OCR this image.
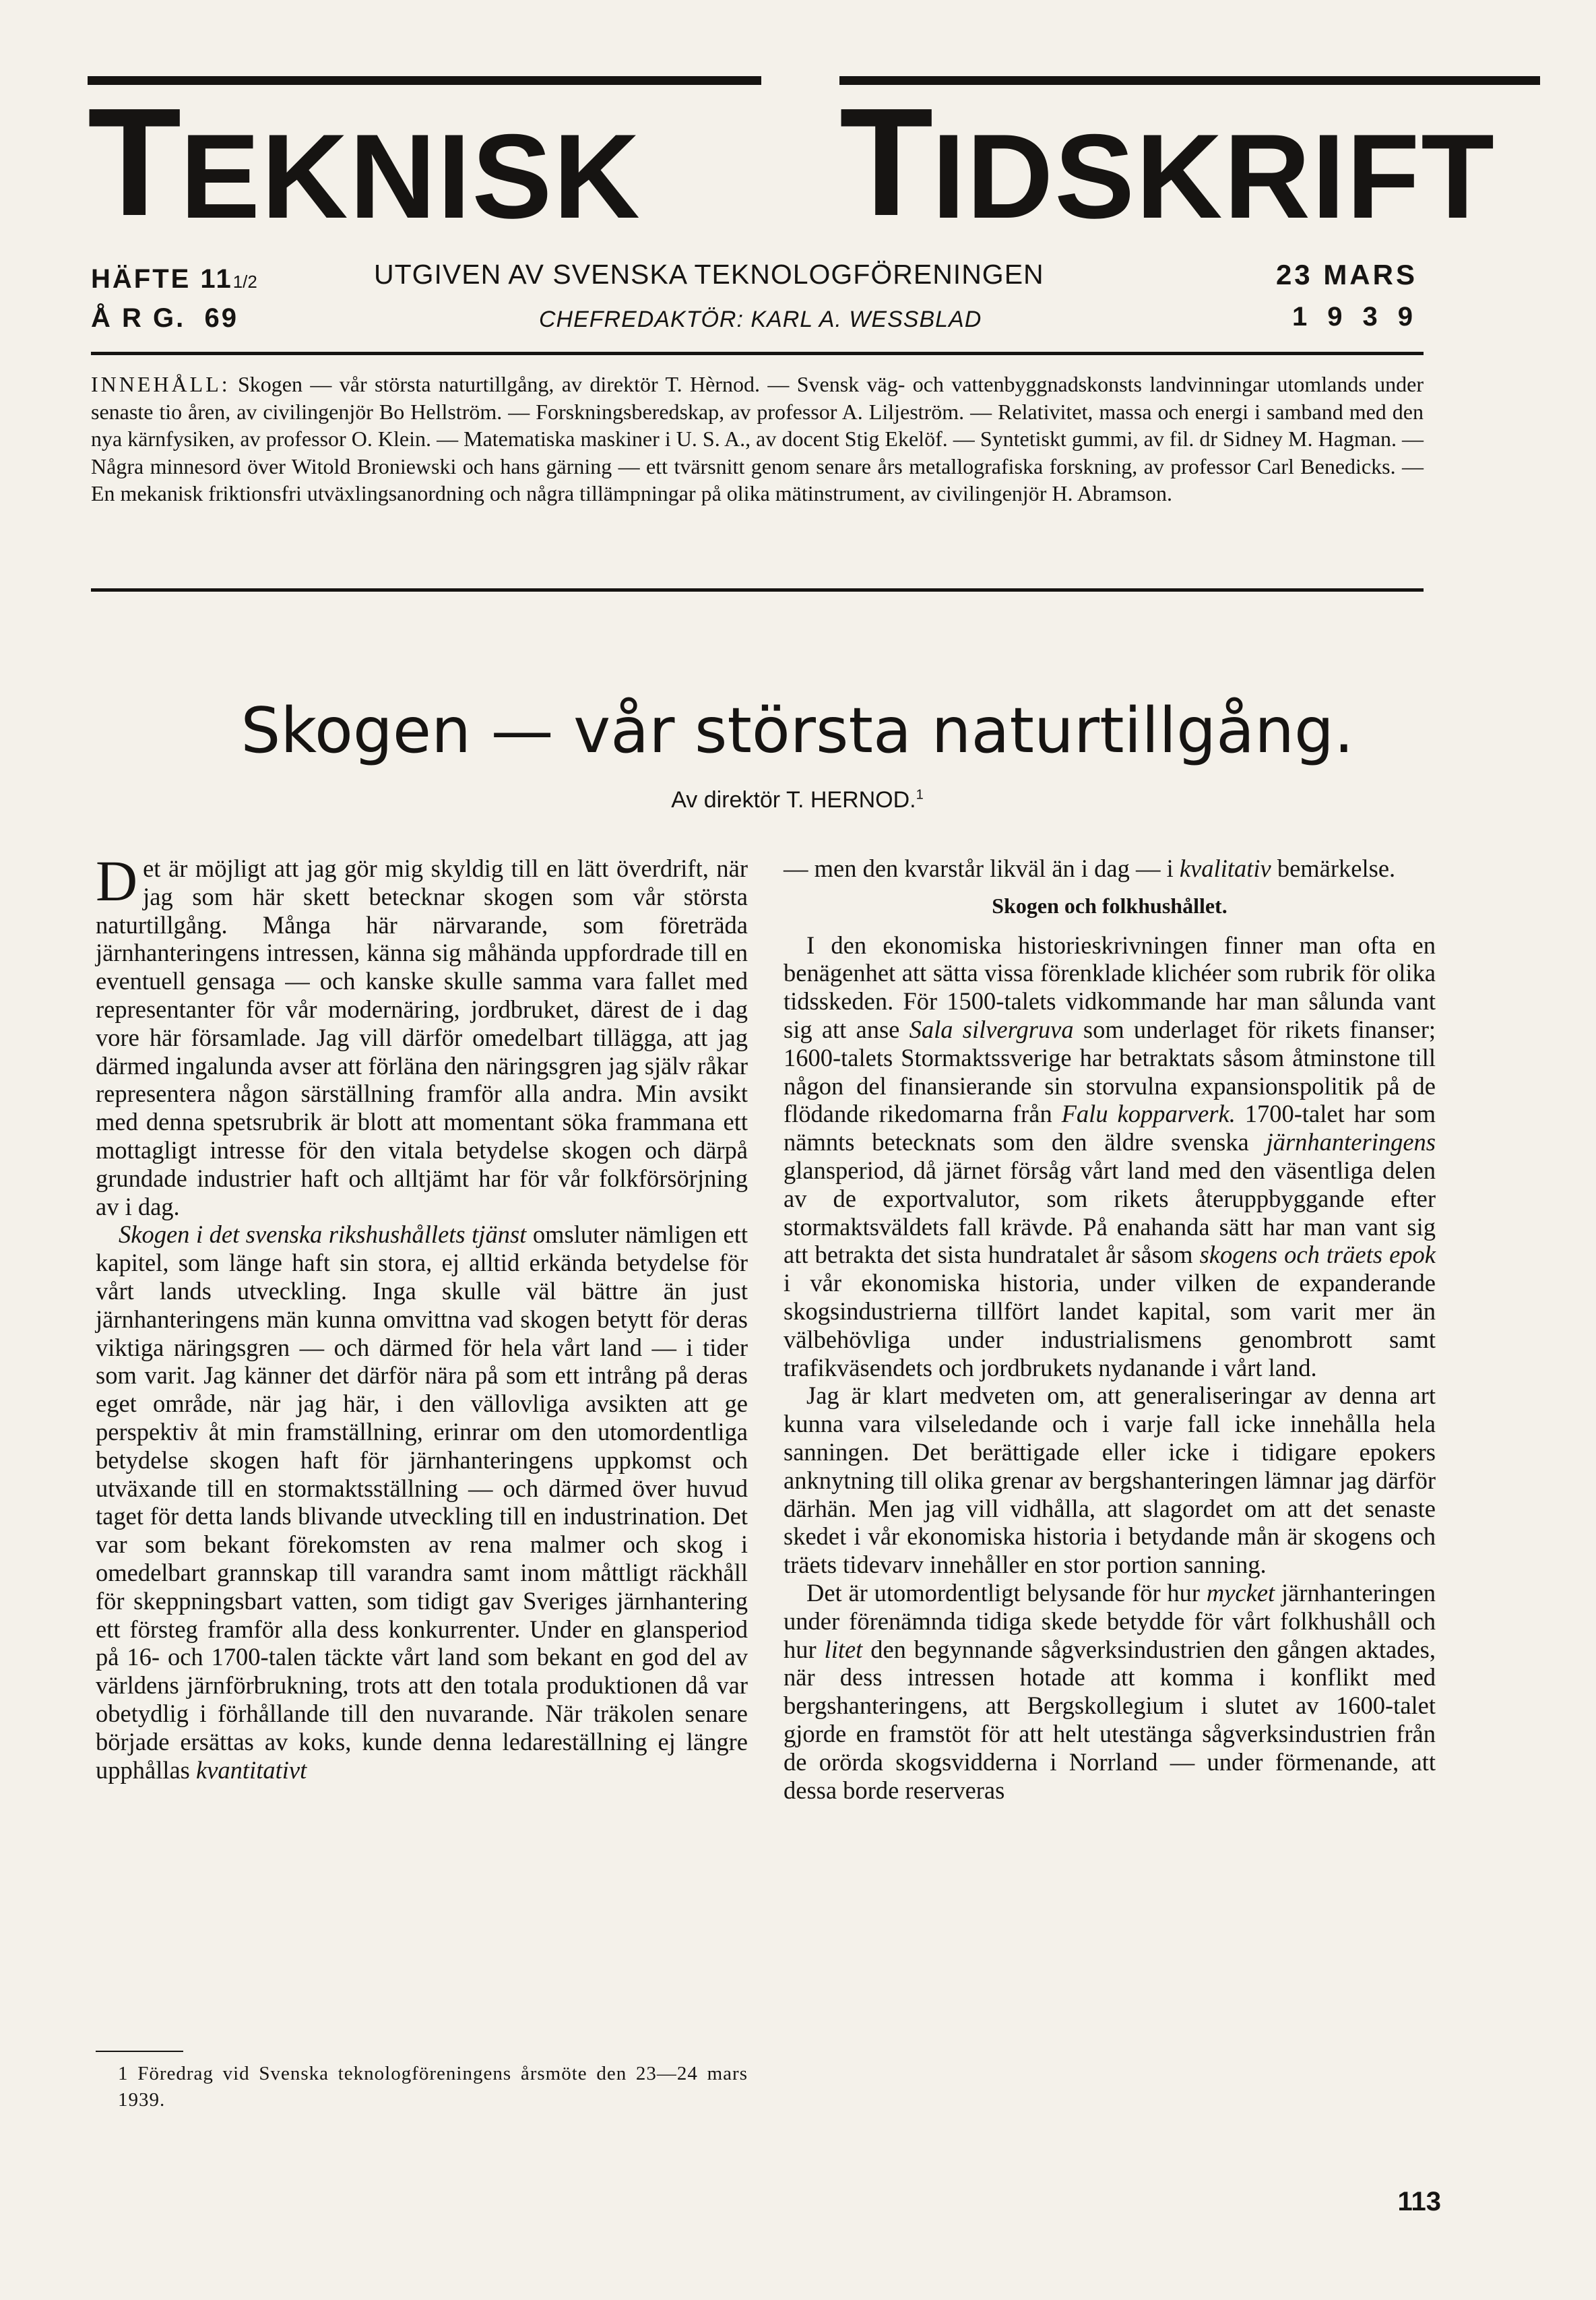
T EKNISK T IDSKRIFT
HÄFTE 111/2
Å R G. 69
UTGIVEN AV SVENSKA TEKNOLOGFÖRENINGEN
CHEFREDAKTÖR: KARL A. WESSBLAD
23 MARS
1939
INNEHÅLL: Skogen — vår största naturtillgång, av direktör T. Hèrnod. — Svensk väg- och vattenbyggnadskonsts landvinningar utomlands under senaste tio åren, av civilingenjör Bo Hellström. — Forskningsberedskap, av professor A. Liljeström. — Relativitet, massa och energi i samband med den nya kärnfysiken, av professor O. Klein. — Matematiska maskiner i U. S. A., av docent Stig Ekelöf. — Syntetiskt gummi, av fil. dr Sidney M. Hagman. — Några minnesord över Witold Broniewski och hans gärning — ett tvärsnitt genom senare års metallografiska forskning, av professor Carl Benedicks. — En mekanisk friktionsfri utväxlingsanordning och några tillämpningar på olika mätinstrument, av civilingenjör H. Abramson.
Skogen — vår största naturtillgång.
Av direktör T. HERNOD.$^1$

Det är möjligt att jag gör mig skyldig till en lätt överdrift, när jag som här skett betecknar skogen som vår största naturtillgång. Många här närvarande, som företräda järnhanteringens intressen, känna sig måhända uppfordrade till en eventuell gensaga — och kanske skulle samma vara fallet med representanter för vår modernäring, jordbruket, därest de i dag vore här församlade. Jag vill därför omedelbart tillägga, att jag därmed ingalunda avser att förläna den näringsgren jag själv råkar representera någon särställning framför alla andra. Min avsikt med denna spetsrubrik är blott att momentant söka frammana ett mottagligt intresse för den vitala betydelse skogen och därpå grundade industrier haft och alltjämt har för vår folkförsörjning av i dag.

Skogen i det svenska rikshushållets tjänst omsluter nämligen ett kapitel, som länge haft sin stora, ej alltid erkända betydelse för vårt lands utveckling. Inga skulle väl bättre än just järnhanteringens män kunna omvittna vad skogen betytt för deras viktiga näringsgren — och därmed för hela vårt land — i tider som varit. Jag känner det därför nära på som ett intrång på deras eget område, när jag här, i den vällovliga avsikten att ge perspektiv åt min framställning, erinrar om den utomordentliga betydelse skogen haft för järnhanteringens uppkomst och utväxande till en stormaktsställning — och därmed över huvud taget för detta lands blivande utveckling till en industrination. Det var som bekant förekomsten av rena malmer och skog i omedelbart grannskap till varandra samt inom måttligt räckhåll för skeppningsbart vatten, som tidigt gav Sveriges järnhantering ett försteg framför alla dess konkurrenter. Under en glansperiod på 16- och 1700-talen täckte vårt land som bekant en god del av världens järnförbrukning, trots att den totala produktionen då var obetydlig i förhållande till den nuvarande. När träkolen senare började ersättas av koks, kunde denna ledareställning ej längre upphållas kvantitativt

— men den kvarstår likväl än i dag — i kvalitativ bemärkelse.

Skogen och folkhushållet.

I den ekonomiska historieskrivningen finner man ofta en benägenhet att sätta vissa förenklade klichéer som rubrik för olika tidsskeden. För 1500-talets vidkommande har man sålunda vant sig att anse Sala silvergruva som underlaget för rikets finanser; 1600-talets Stormaktssverige har betraktats såsom åtminstone till någon del finansierande sin storvulna expansionspolitik på de flödande rikedomarna från Falu kopparverk. 1700-talet har som nämnts betecknats som den äldre svenska järnhanteringens glansperiod, då järnet försåg vårt land med den väsentliga delen av de exportvalutor, som rikets återuppbyggande efter stormaktsväldets fall krävde. På enahanda sätt har man vant sig att betrakta det sista hundratalet år såsom skogens och träets epok i vår ekonomiska historia, under vilken de expanderande skogsindustrierna tillfört landet kapital, som varit mer än välbehövliga under industrialismens genombrott samt trafikväsendets och jordbrukets nydanande i vårt land.

Jag är klart medveten om, att generaliseringar av denna art kunna vara vilseledande och i varje fall icke innehålla hela sanningen. Det berättigade eller icke i tidigare epokers anknytning till olika grenar av bergshanteringen lämnar jag därför därhän. Men jag vill vidhålla, att slagordet om att det senaste skedet i vår ekonomiska historia i betydande mån är skogens och träets tidevarv innehåller en stor portion sanning.

Det är utomordentligt belysande för hur mycket järnhanteringen under förenämnda tidiga skede betydde för vårt folkhushåll och hur litet den begynnande sågverksindustrien den gången aktades, när dess intressen hotade att komma i konflikt med bergshanteringens, att Bergskollegium i slutet av 1600-talet gjorde en framstöt för att helt utestänga sågverksindustrien från de orörda skogsvidderna i Norrland — under förmenande, att dessa borde reserveras

1 Föredrag vid Svenska teknologföreningens årsmöte den 23—24 mars 1939.
113
